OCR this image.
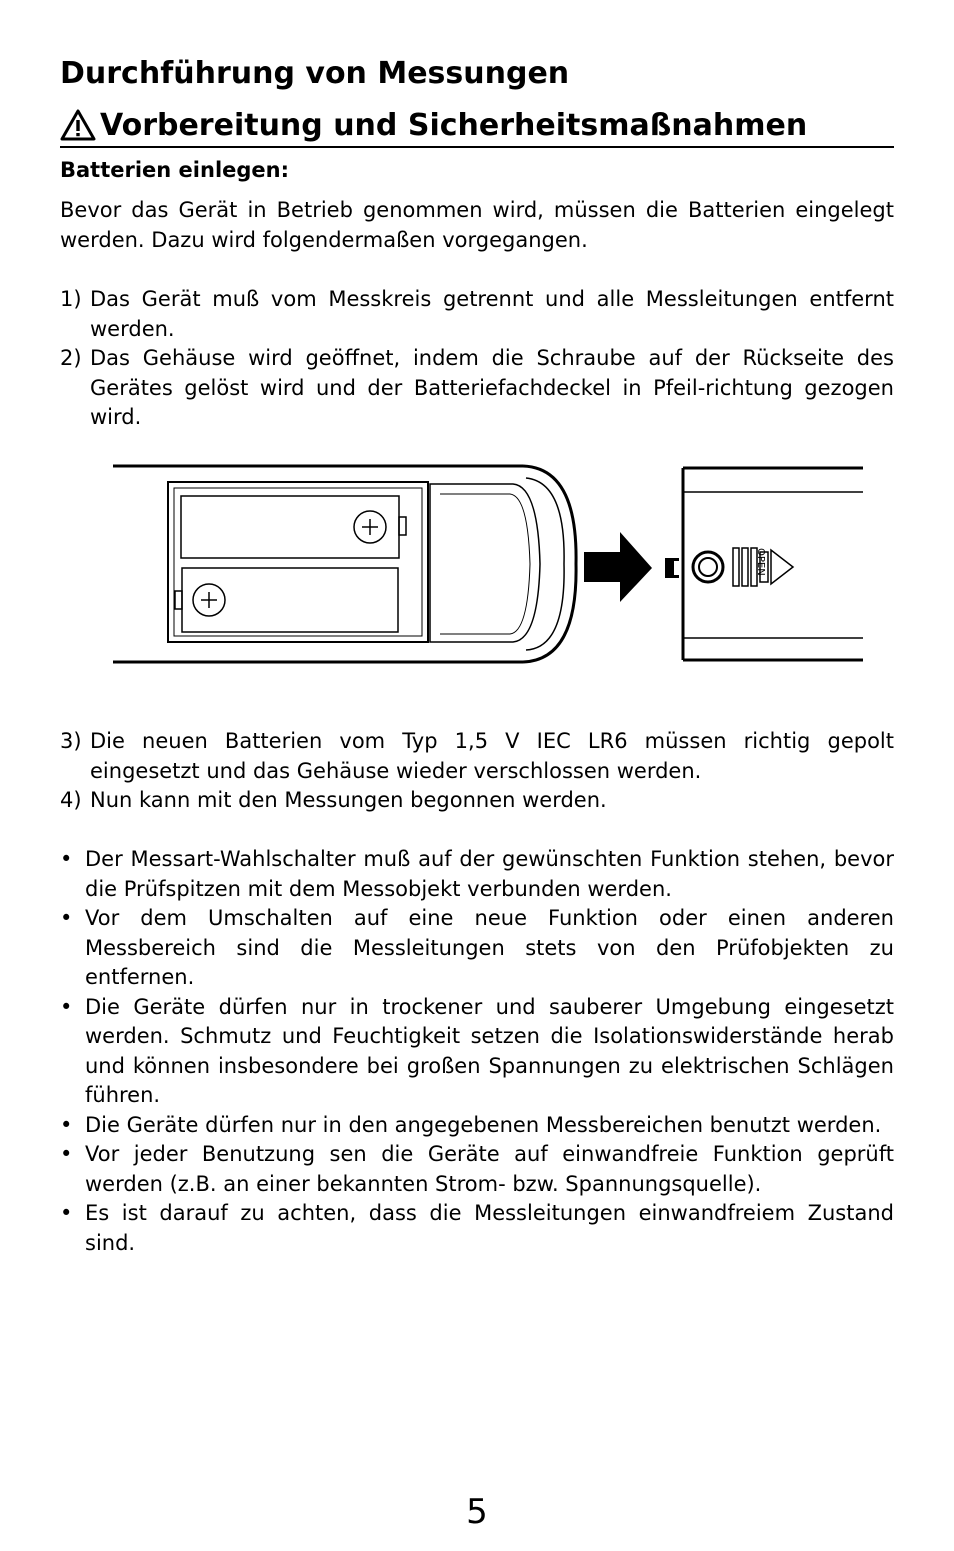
Durchführung von Messungen
Vorbereitung und Sicherheitsmaßnahmen
Batterien einlegen:
Bevor das Gerät in Betrieb genommen wird, müssen die Batterien eingelegt werden. Dazu wird folgendermaßen vorgegangen.
1) Das Gerät muß vom Messkreis getrennt und alle Messleitungen entfernt werden.
2) Das Gehäuse wird geöffnet, indem die Schraube auf der Rückseite des Gerätes gelöst wird und der Batteriefachdeckel in Pfeil-richtung gezogen wird.
OPEN
3) Die neuen Batterien vom Typ 1,5 V IEC LR6 müssen richtig gepolt eingesetzt und das Gehäuse wieder verschlossen werden.
4) Nun kann mit den Messungen begonnen werden.
• Der Messart-Wahlschalter muß auf der gewünschten Funktion stehen, bevor die Prüfspitzen mit dem Messobjekt verbunden werden.
• Vor dem Umschalten auf eine neue Funktion oder einen anderen Messbereich sind die Messleitungen stets von den Prüfobjekten zu entfernen.
• Die Geräte dürfen nur in trockener und sauberer Umgebung eingesetzt werden. Schmutz und Feuchtigkeit setzen die Isolationswiderstände herab und können insbesondere bei großen Spannungen zu elektrischen Schlägen führen.
• Die Geräte dürfen nur in den angegebenen Messbereichen benutzt werden.
• Vor jeder Benutzung sen die Geräte auf einwandfreie Funktion geprüft werden (z.B. an einer bekannten Strom- bzw. Spannungsquelle).
• Es ist darauf zu achten, dass die Messleitungen einwandfreiem Zustand sind.
5
